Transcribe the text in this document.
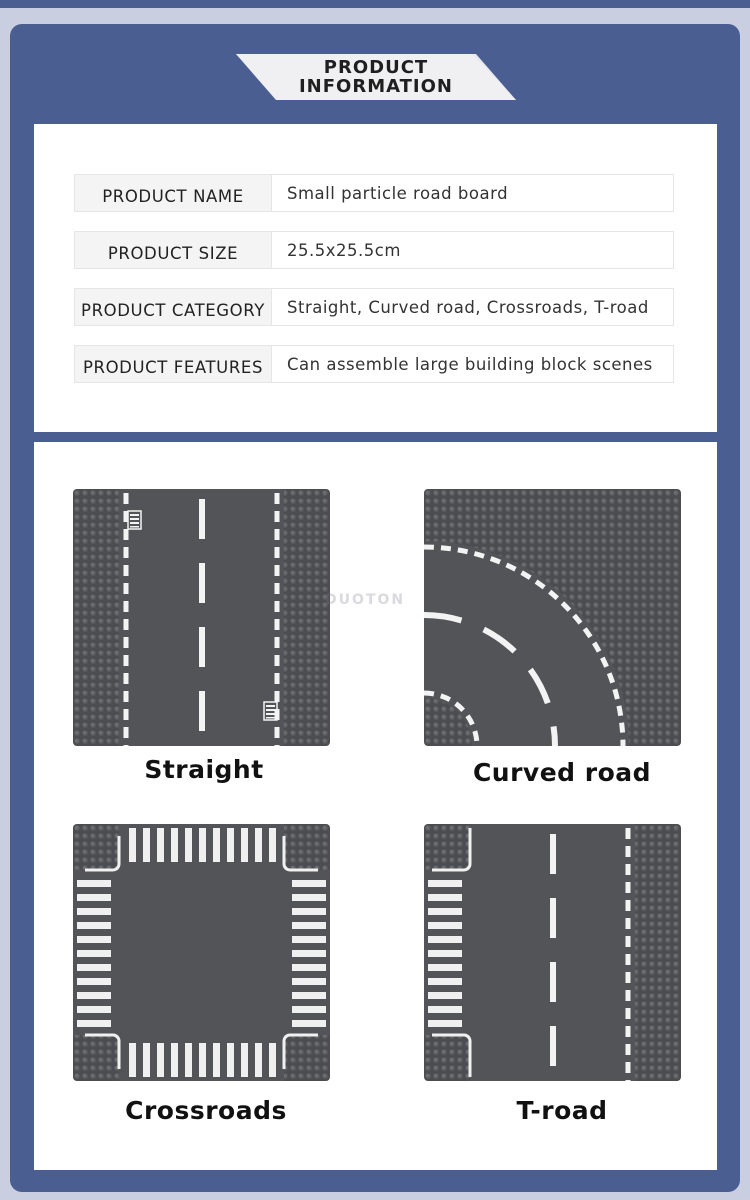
PRODUCT
INFORMATION
PRODUCT NAME	Small particle road board
PRODUCT SIZE	25.5x25.5cm
PRODUCT CATEGORY	Straight, Curved road, Crossroads, T-road
PRODUCT FEATURES	Can assemble large building block scenes
Straight	Curved road
Crossroads	T-road
DUOTON
